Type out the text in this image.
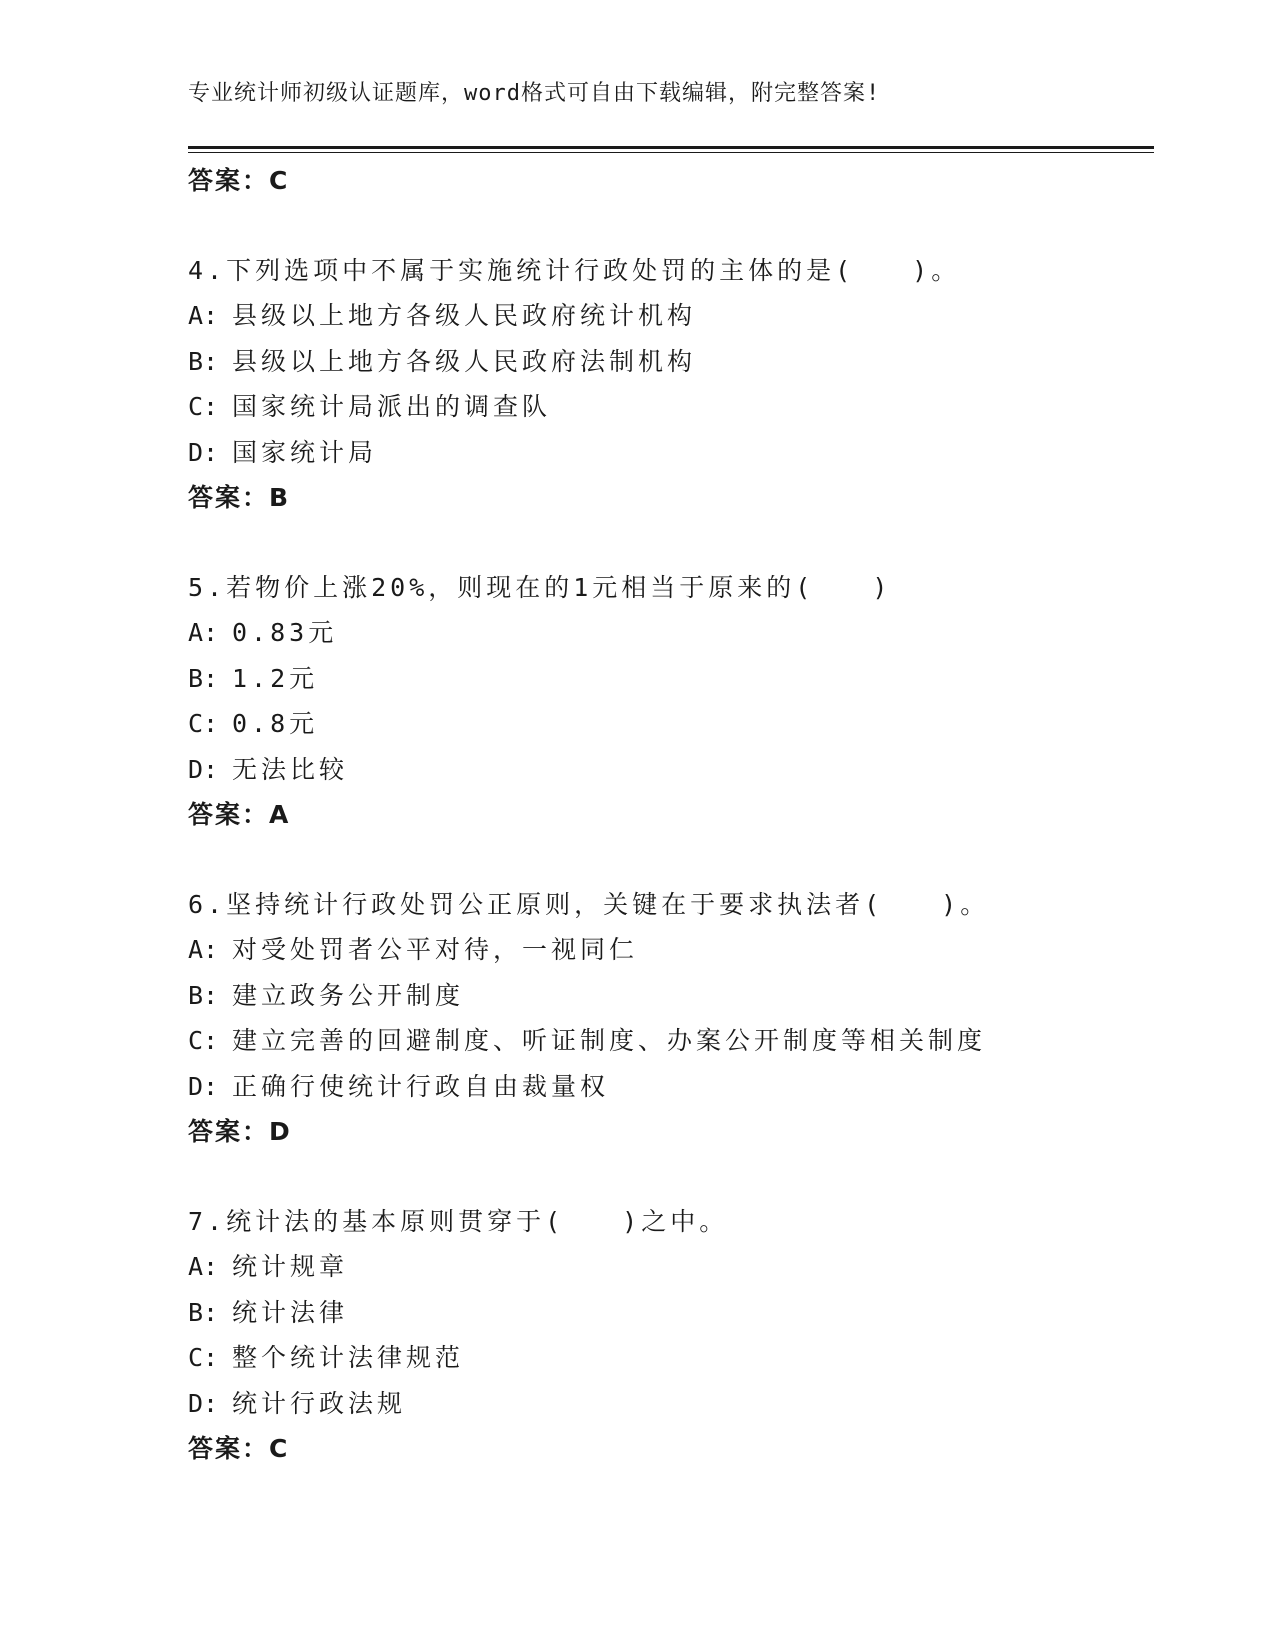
专业统计师初级认证题库，word格式可自由下载编辑，附完整答案!
答案：C
4.下列选项中不属于实施统计行政处罚的主体的是(　　)。
A: 县级以上地方各级人民政府统计机构
B: 县级以上地方各级人民政府法制机构
C: 国家统计局派出的调查队
D: 国家统计局
答案：B
5.若物价上涨20%，则现在的1元相当于原来的(　　)
A: 0.83元
B: 1.2元
C: 0.8元
D: 无法比较
答案：A
6.坚持统计行政处罚公正原则，关键在于要求执法者(　　)。
A: 对受处罚者公平对待，一视同仁
B: 建立政务公开制度
C: 建立完善的回避制度、听证制度、办案公开制度等相关制度
D: 正确行使统计行政自由裁量权
答案：D
7.统计法的基本原则贯穿于(　　)之中。
A: 统计规章
B: 统计法律
C: 整个统计法律规范
D: 统计行政法规
答案：C
